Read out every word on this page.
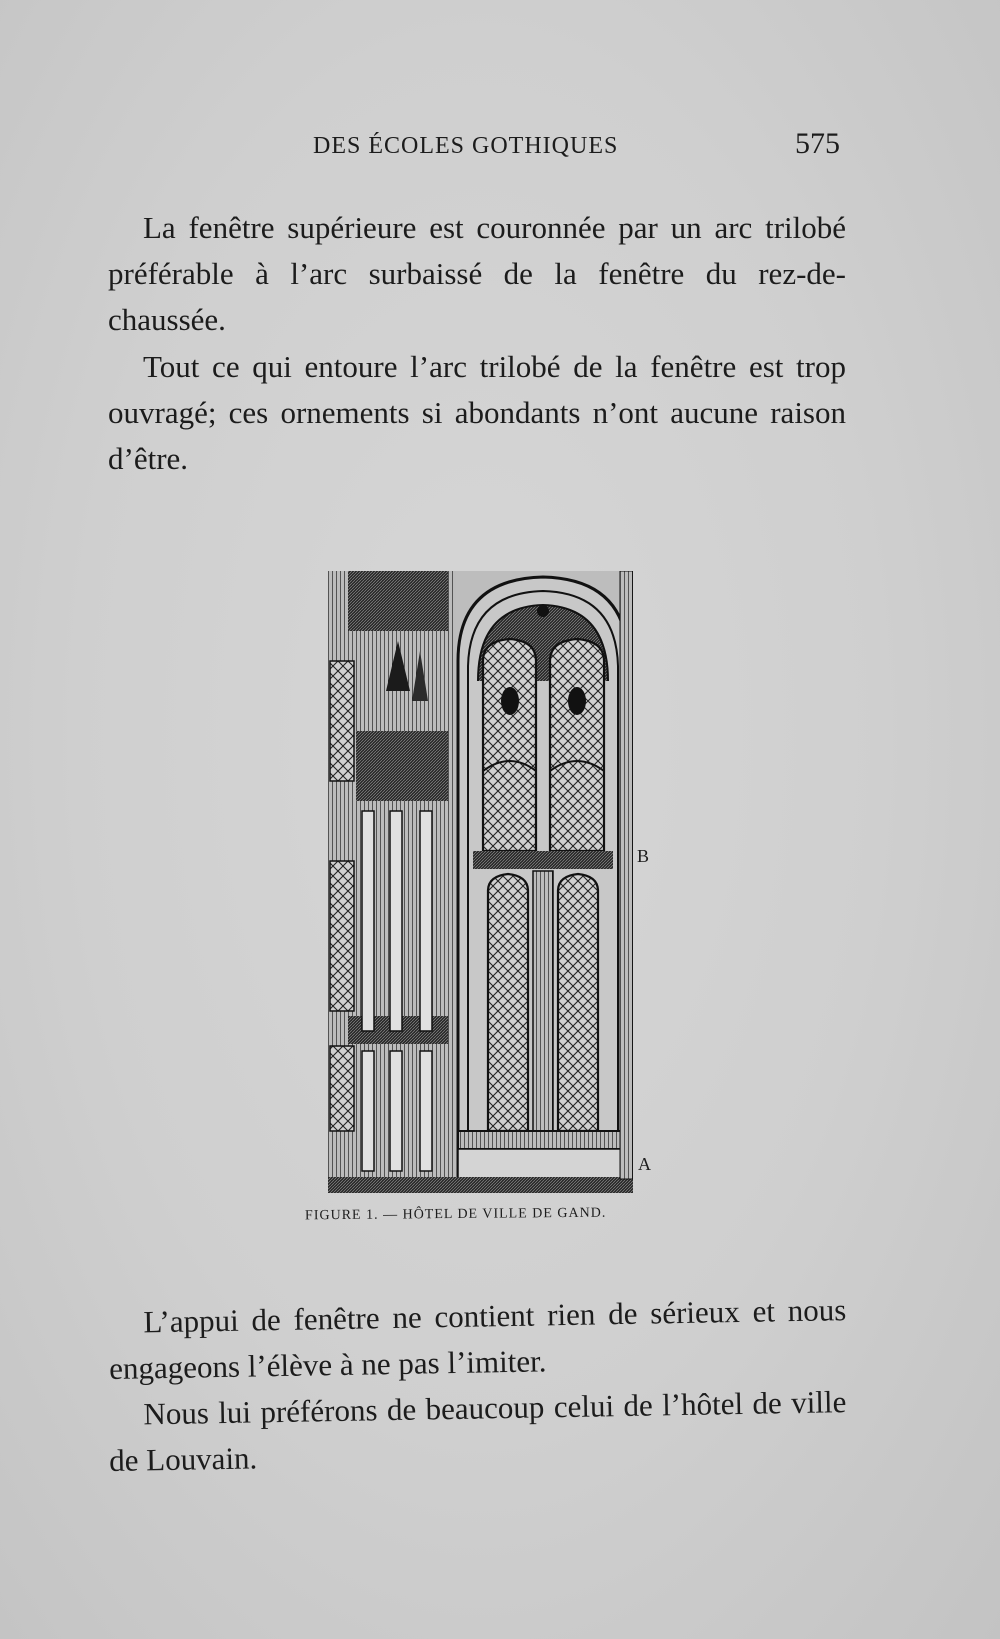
DES ÉCOLES GOTHIQUES	575

La fenêtre supérieure est couronnée par un arc trilobé préférable à l’arc surbaissé de la fenêtre du rez-de-chaussée.

Tout ce qui entoure l’arc trilobé de la fenêtre est trop ouvragé; ces ornements si abondants n’ont aucune raison d’être.

B
A
FIGURE 1. — HÔTEL DE VILLE DE GAND.

L’appui de fenêtre ne contient rien de sérieux et nous engageons l’élève à ne pas l’imiter.

Nous lui préférons de beaucoup celui de l’hôtel de ville de Louvain.
